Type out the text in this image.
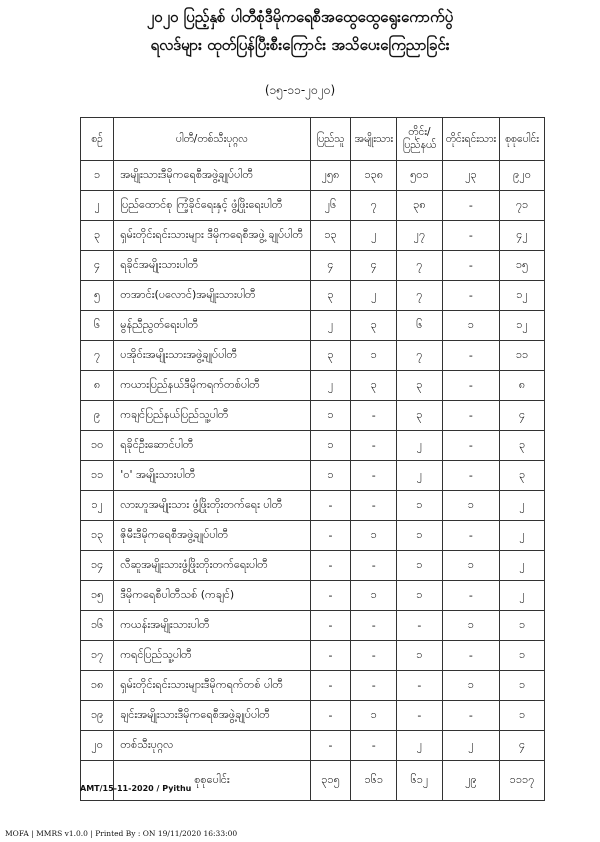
၂၀၂၀ ပြည့်နှစ် ပါတီစုံဒီမိုကရေစီအထွေထွေရွေးကောက်ပွဲ
ရလဒ်များ ထုတ်ပြန်ပြီးစီးကြောင်း အသိပေးကြေညာခြင်း
(၁၅-၁၁-၂၀၂၀)
စဉ်	ပါတီ/တစ်သီးပုဂ္ဂလ	ပြည်သူ	အမျိုးသား	တိုင်း/ပြည်နယ်	တိုင်းရင်းသား	စုစုပေါင်း
၁	အမျိုးသားဒီမိုကရေစီအဖွဲ့ချုပ်ပါတီ	၂၅၈	၁၃၈	၅၀၁	၂၃	၉၂၀
၂	ပြည်ထောင်စု ကြံ့ခိုင်ရေးနှင့် ဖွံ့ဖြိုးရေးပါတီ	၂၆	၇	၃၈	-	၇၁
၃	ရှမ်းတိုင်းရင်းသားများ ဒီမိုကရေစီအဖွဲ့ ချုပ်ပါတီ	၁၃	၂	၂၇	-	၄၂
၄	ရခိုင်အမျိုးသားပါတီ	၄	၄	၇	-	၁၅
၅	တအာင်း(ပလောင်)အမျိုးသားပါတီ	၃	၂	၇	-	၁၂
၆	မွန်ညီညွတ်ရေးပါတီ	၂	၃	၆	၁	၁၂
၇	ပအိုဝ်းအမျိုးသားအဖွဲ့ချုပ်ပါတီ	၃	၁	၇	-	၁၁
၈	ကယားပြည်နယ်ဒီမိုကရက်တစ်ပါတီ	၂	၃	၃	-	၈
၉	ကချင်ပြည်နယ်ပြည်သူ့ပါတီ	၁	-	၃	-	၄
၁၀	ရခိုင်ဦးဆောင်ပါတီ	၁	-	၂	-	၃
၁၁	'ဝ' အမျိုးသားပါတီ	၁	-	၂	-	၃
၁၂	လားဟူအမျိုးသား ဖွံ့ဖြိုးတိုးတက်ရေး ပါတီ	-	-	၁	၁	၂
၁၃	ဇိုမီးဒီမိုကရေစီအဖွဲ့ချုပ်ပါတီ	-	၁	၁	-	၂
၁၄	လီဆူအမျိုးသားဖွံ့ဖြိုးတိုးတက်ရေးပါတီ	-	-	၁	၁	၂
၁၅	ဒီမိုကရေစီပါတီသစ် (ကချင်)	-	၁	၁	-	၂
၁၆	ကယန်းအမျိုးသားပါတီ	-	-	-	၁	၁
၁၇	ကရင်ပြည်သူ့ပါတီ	-	-	၁	-	၁
၁၈	ရှမ်းတိုင်းရင်းသားများဒီမိုကရက်တစ် ပါတီ	-	-	-	၁	၁
၁၉	ချင်းအမျိုးသားဒီမိုကရေစီအဖွဲ့ချုပ်ပါတီ	-	၁	-	-	၁
၂၀	တစ်သီးပုဂ္ဂလ	-	-	၂	၂	၄
	စုစုပေါင်း	၃၁၅	၁၆၁	၆၁၂	၂၉	၁၁၁၇
AMT/15-11-2020 / Pyithu
MOFA | MMRS v1.0.0 | Printed By : ON 19/11/2020 16:33:00
